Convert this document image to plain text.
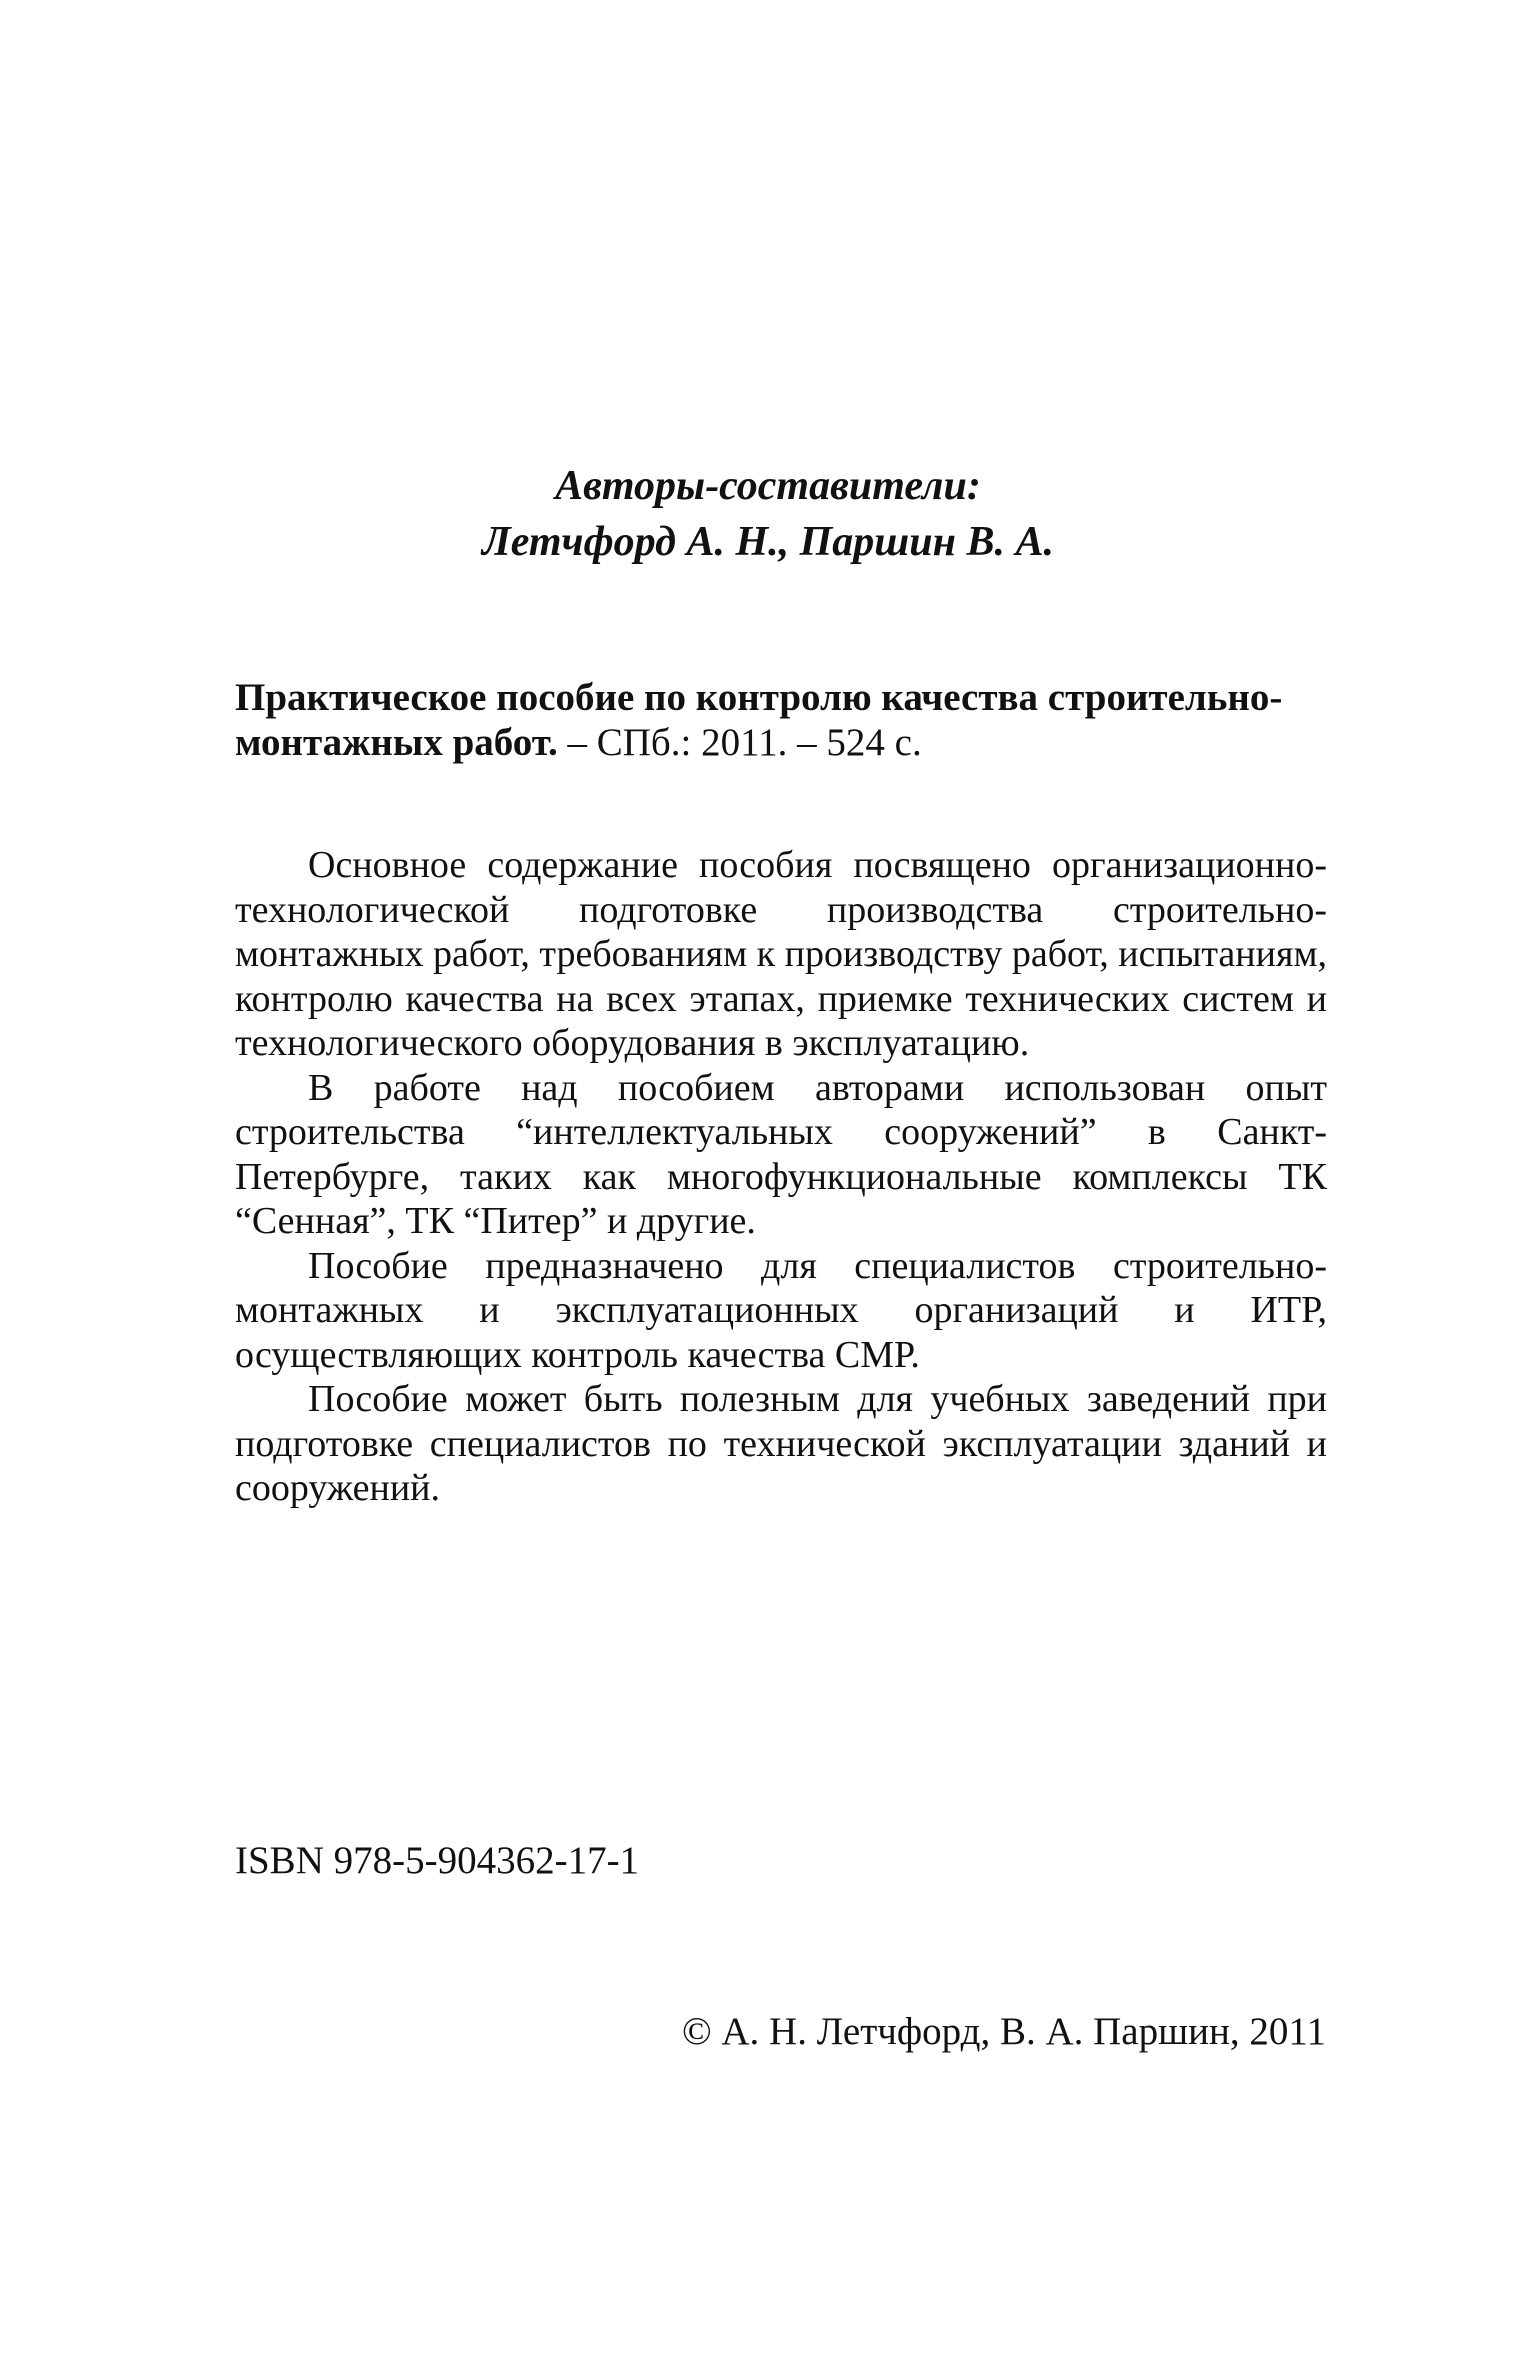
Авторы-составители:
Летчфорд А. Н., Паршин В. А.
Практическое пособие по контролю качества строительно-монтажных работ. – СПб.: 2011. – 524 с.

Основное содержание пособия посвящено организационно-технологической подготовке производства строительно-монтажных работ, требованиям к производству работ, испытаниям, контролю качества на всех этапах, приемке технических систем и технологического оборудования в эксплуатацию.

В работе над пособием авторами использован опыт строительства “интеллектуальных сооружений” в Санкт-Петербурге, таких как многофункциональные комплексы ТК “Сенная”, ТК “Питер” и другие.

Пособие предназначено для специалистов строительно-монтажных и эксплуатационных организаций и ИТР, осуществляющих контроль качества СМР.

Пособие может быть полезным для учебных заведений при подготовке специалистов по технической эксплуатации зданий и сооружений.

ISBN 978-5-904362-17-1
© А. Н. Летчфорд, В. А. Паршин, 2011
